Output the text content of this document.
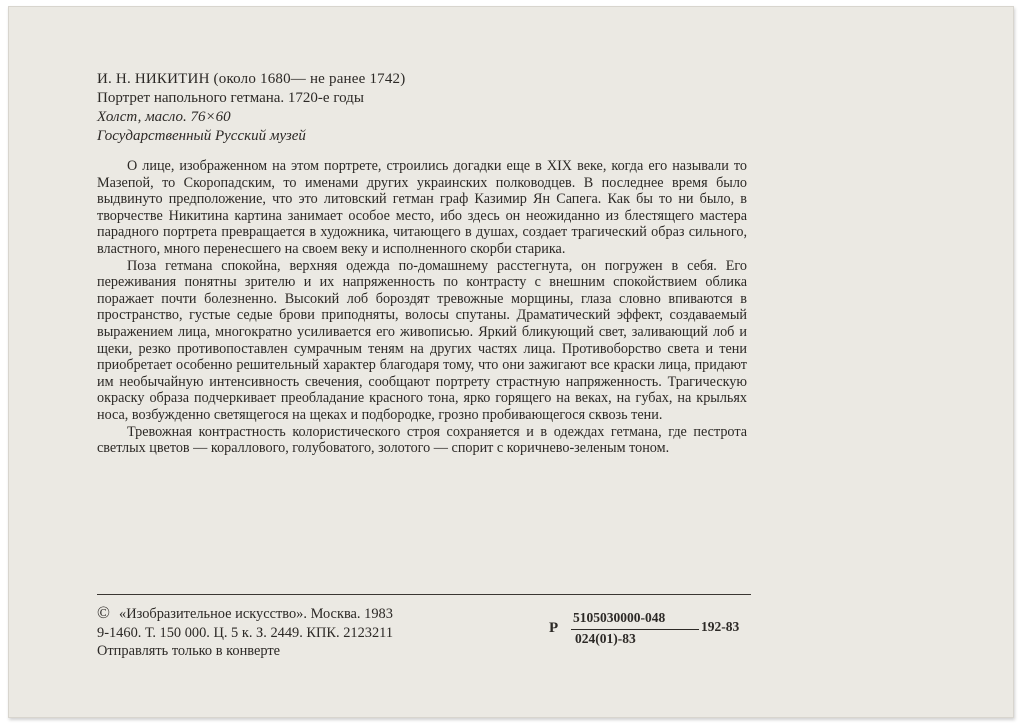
И. Н. НИКИТИН (около 1680— не ранее 1742)
Портрет напольного гетмана. 1720-е годы
Холст, масло. 76×60
Государственный Русский музей

О лице, изображенном на этом портрете, строились догадки еще в XIX веке, когда его называли то Мазепой, то Скоропадским, то именами других украинских полководцев. В последнее время было выдвинуто предположение, что это литовский гетман граф Казимир Ян Сапега. Как бы то ни было, в творчестве Никитина картина занимает особое место, ибо здесь он неожиданно из блестящего мастера парадного портрета превращается в художника, читающего в душах, создает трагический образ сильного, властного, много перенесшего на своем веку и исполненного скорби старика.

Поза гетмана спокойна, верхняя одежда по-домашнему расстегнута, он погружен в себя. Его переживания понятны зрителю и их напряженность по контрасту с внешним спокойствием облика поражает почти болезненно. Высокий лоб бороздят тревожные морщины, глаза словно впиваются в пространство, густые седые брови приподняты, волосы спутаны. Драматический эффект, создаваемый выражением лица, многократно усиливается его живописью. Яркий бликующий свет, заливающий лоб и щеки, резко противопоставлен сумрачным теням на других частях лица. Противоборство света и тени приобретает особенно решительный характер благодаря тому, что они зажигают все краски лица, придают им необычайную интенсивность свечения, сообщают портрету страстную напряженность. Трагическую окраску образа подчеркивает преобладание красного тона, ярко горящего на веках, на губах, на крыльях носа, возбужденно светящегося на щеках и подбородке, грозно пробивающегося сквозь тени.

Тревожная контрастность колористического строя сохраняется и в одеждах гетмана, где пестрота светлых цветов — кораллового, голубоватого, золотого — спорит с коричнево-зеленым тоном.

© «Изобразительное искусство». Москва. 1983
9-1460. Т. 150 000. Ц. 5 к. З. 2449. КПК. 2123211
Отправлять только в конверте
Р
5105030000-048
024(01)-83
192-83
